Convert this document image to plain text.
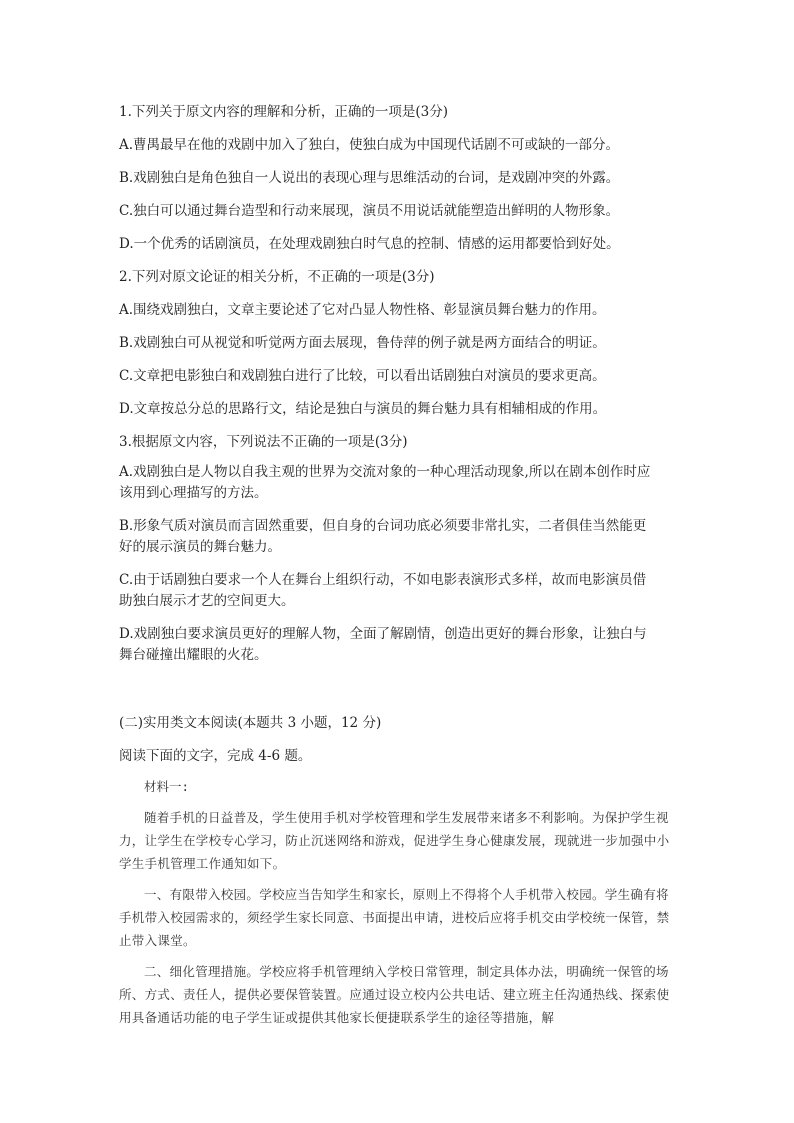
1.下列关于原文内容的理解和分析，正确的一项是(3分)
A.曹禺最早在他的戏剧中加入了独白，使独白成为中国现代话剧不可或缺的一部分。
B.戏剧独白是角色独自一人说出的表现心理与思维活动的台词，是戏剧冲突的外露。
C.独白可以通过舞台造型和行动来展现，演员不用说话就能塑造出鲜明的人物形象。
D.一个优秀的话剧演员，在处理戏剧独白时气息的控制、情感的运用都要恰到好处。
2.下列对原文论证的相关分析，不正确的一项是(3分)
A.围绕戏剧独白，文章主要论述了它对凸显人物性格、彰显演员舞台魅力的作用。
B.戏剧独白可从视觉和听觉两方面去展现，鲁侍萍的例子就是两方面结合的明证。
C.文章把电影独白和戏剧独白进行了比较，可以看出话剧独白对演员的要求更高。
D.文章按总分总的思路行文，结论是独白与演员的舞台魅力具有相辅相成的作用。
3.根据原文内容，下列说法不正确的一项是(3分)
A.戏剧独白是人物以自我主观的世界为交流对象的一种心理活动现象,所以在剧本创作时应该用到心理描写的方法。
B.形象气质对演员而言固然重要，但自身的台词功底必须要非常扎实，二者俱佳当然能更好的展示演员的舞台魅力。
C.由于话剧独白要求一个人在舞台上组织行动，不如电影表演形式多样，故而电影演员借助独白展示才艺的空间更大。
D.戏剧独白要求演员更好的理解人物，全面了解剧情，创造出更好的舞台形象，让独白与舞台碰撞出耀眼的火花。
(二)实用类文本阅读(本题共 3 小题，12 分)
阅读下面的文字，完成 4-6 题。
材料一:
随着手机的日益普及，学生使用手机对学校管理和学生发展带来诸多不利影响。为保护学生视力，让学生在学校专心学习，防止沉迷网络和游戏，促进学生身心健康发展，现就进一步加强中小学生手机管理工作通知如下。
一、有限带入校园。学校应当告知学生和家长，原则上不得将个人手机带入校园。学生确有将手机带入校园需求的，须经学生家长同意、书面提出申请，进校后应将手机交由学校统一保管，禁止带入课堂。
二、细化管理措施。学校应将手机管理纳入学校日常管理，制定具体办法，明确统一保管的场所、方式、责任人，提供必要保管装置。应通过设立校内公共电话、建立班主任沟通热线、探索使用具备通话功能的电子学生证或提供其他家长便捷联系学生的途径等措施，解
